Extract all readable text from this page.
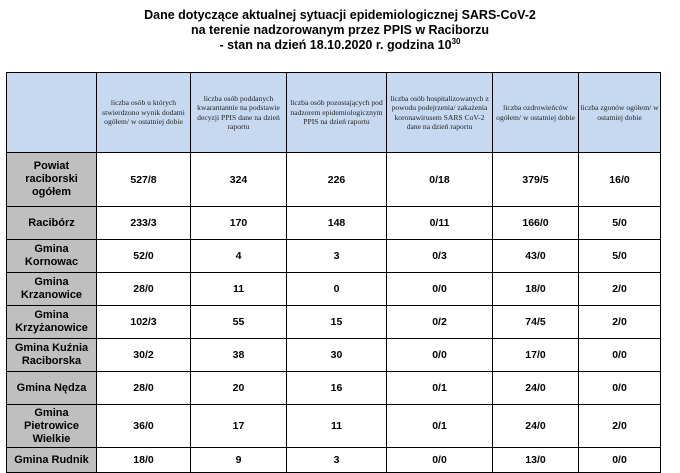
Dane dotyczące aktualnej sytuacji epidemiologicznej SARS-CoV-2
na terenie nadzorowanym przez PPIS w Raciborzu
- stan na dzień 18.10.2020 r. godzina $10^{30}$
	liczba osób u których stwierdzono wynik dodatni ogółem/ w ostatniej dobie	liczba osób poddanych kwarantannie na podstawie decyzji PPIS dane na dzień raportu	liczba osób pozostających pod nadzorem epidemiologicznym PPIS na dzień raportu	liczba osób hospitalizowanych z powodu podejrzenia/ zakażenia koronawirusem SARS CoV-2 dane na dzień raportu	liczba ozdrowieńców ogółem/ w ostatniej dobie	liczba zgonów ogółem/ w ostatniej dobie
Powiat raciborski ogółem	527/8	324	226	0/18	379/5	16/0
Racibórz	233/3	170	148	0/11	166/0	5/0
Gmina Kornowac	52/0	4	3	0/3	43/0	5/0
Gmina Krzanowice	28/0	11	0	0/0	18/0	2/0
Gmina Krzyżanowice	102/3	55	15	0/2	74/5	2/0
Gmina Kuźnia Raciborska	30/2	38	30	0/0	17/0	0/0
Gmina Nędza	28/0	20	16	0/1	24/0	0/0
Gmina Pietrowice Wielkie	36/0	17	11	0/1	24/0	2/0
Gmina Rudnik	18/0	9	3	0/0	13/0	0/0
